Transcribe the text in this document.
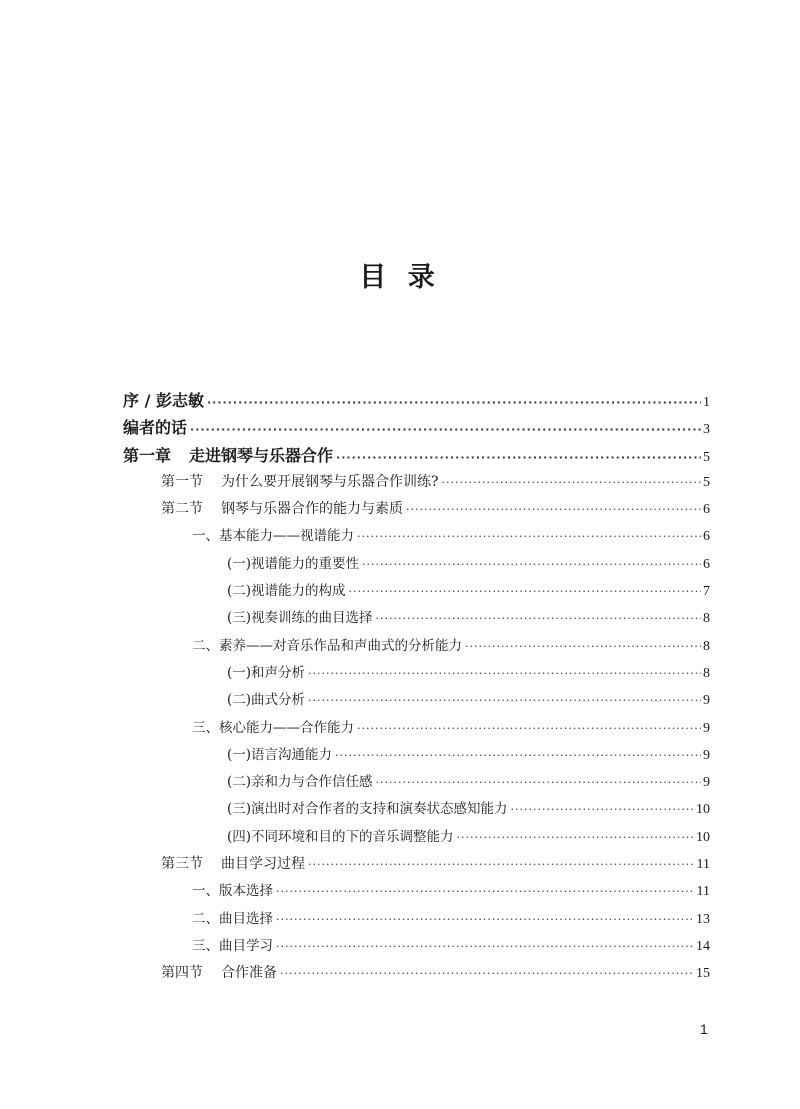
目 录
序 / 彭志敏 ·····	1
编者的话 ·····	3
第一章 走进钢琴与乐器合作 ·····	5
第一节 为什么要开展钢琴与乐器合作训练? ·····	5
第二节 钢琴与乐器合作的能力与素质 ·····	6
一、基本能力——视谱能力 ·····	6
(一)视谱能力的重要性 ·····	6
(二)视谱能力的构成 ·····	7
(三)视奏训练的曲目选择 ·····	8
二、素养——对音乐作品和声曲式的分析能力 ·····	8
(一)和声分析 ·····	8
(二)曲式分析 ·····	9
三、核心能力——合作能力 ·····	9
(一)语言沟通能力 ·····	9
(二)亲和力与合作信任感 ·····	9
(三)演出时对合作者的支持和演奏状态感知能力 ·····	10
(四)不同环境和目的下的音乐调整能力 ·····	10
第三节 曲目学习过程 ·····	11
一、版本选择 ·····	11
二、曲目选择 ·····	13
三、曲目学习 ·····	14
第四节 合作准备 ·····	15
1
